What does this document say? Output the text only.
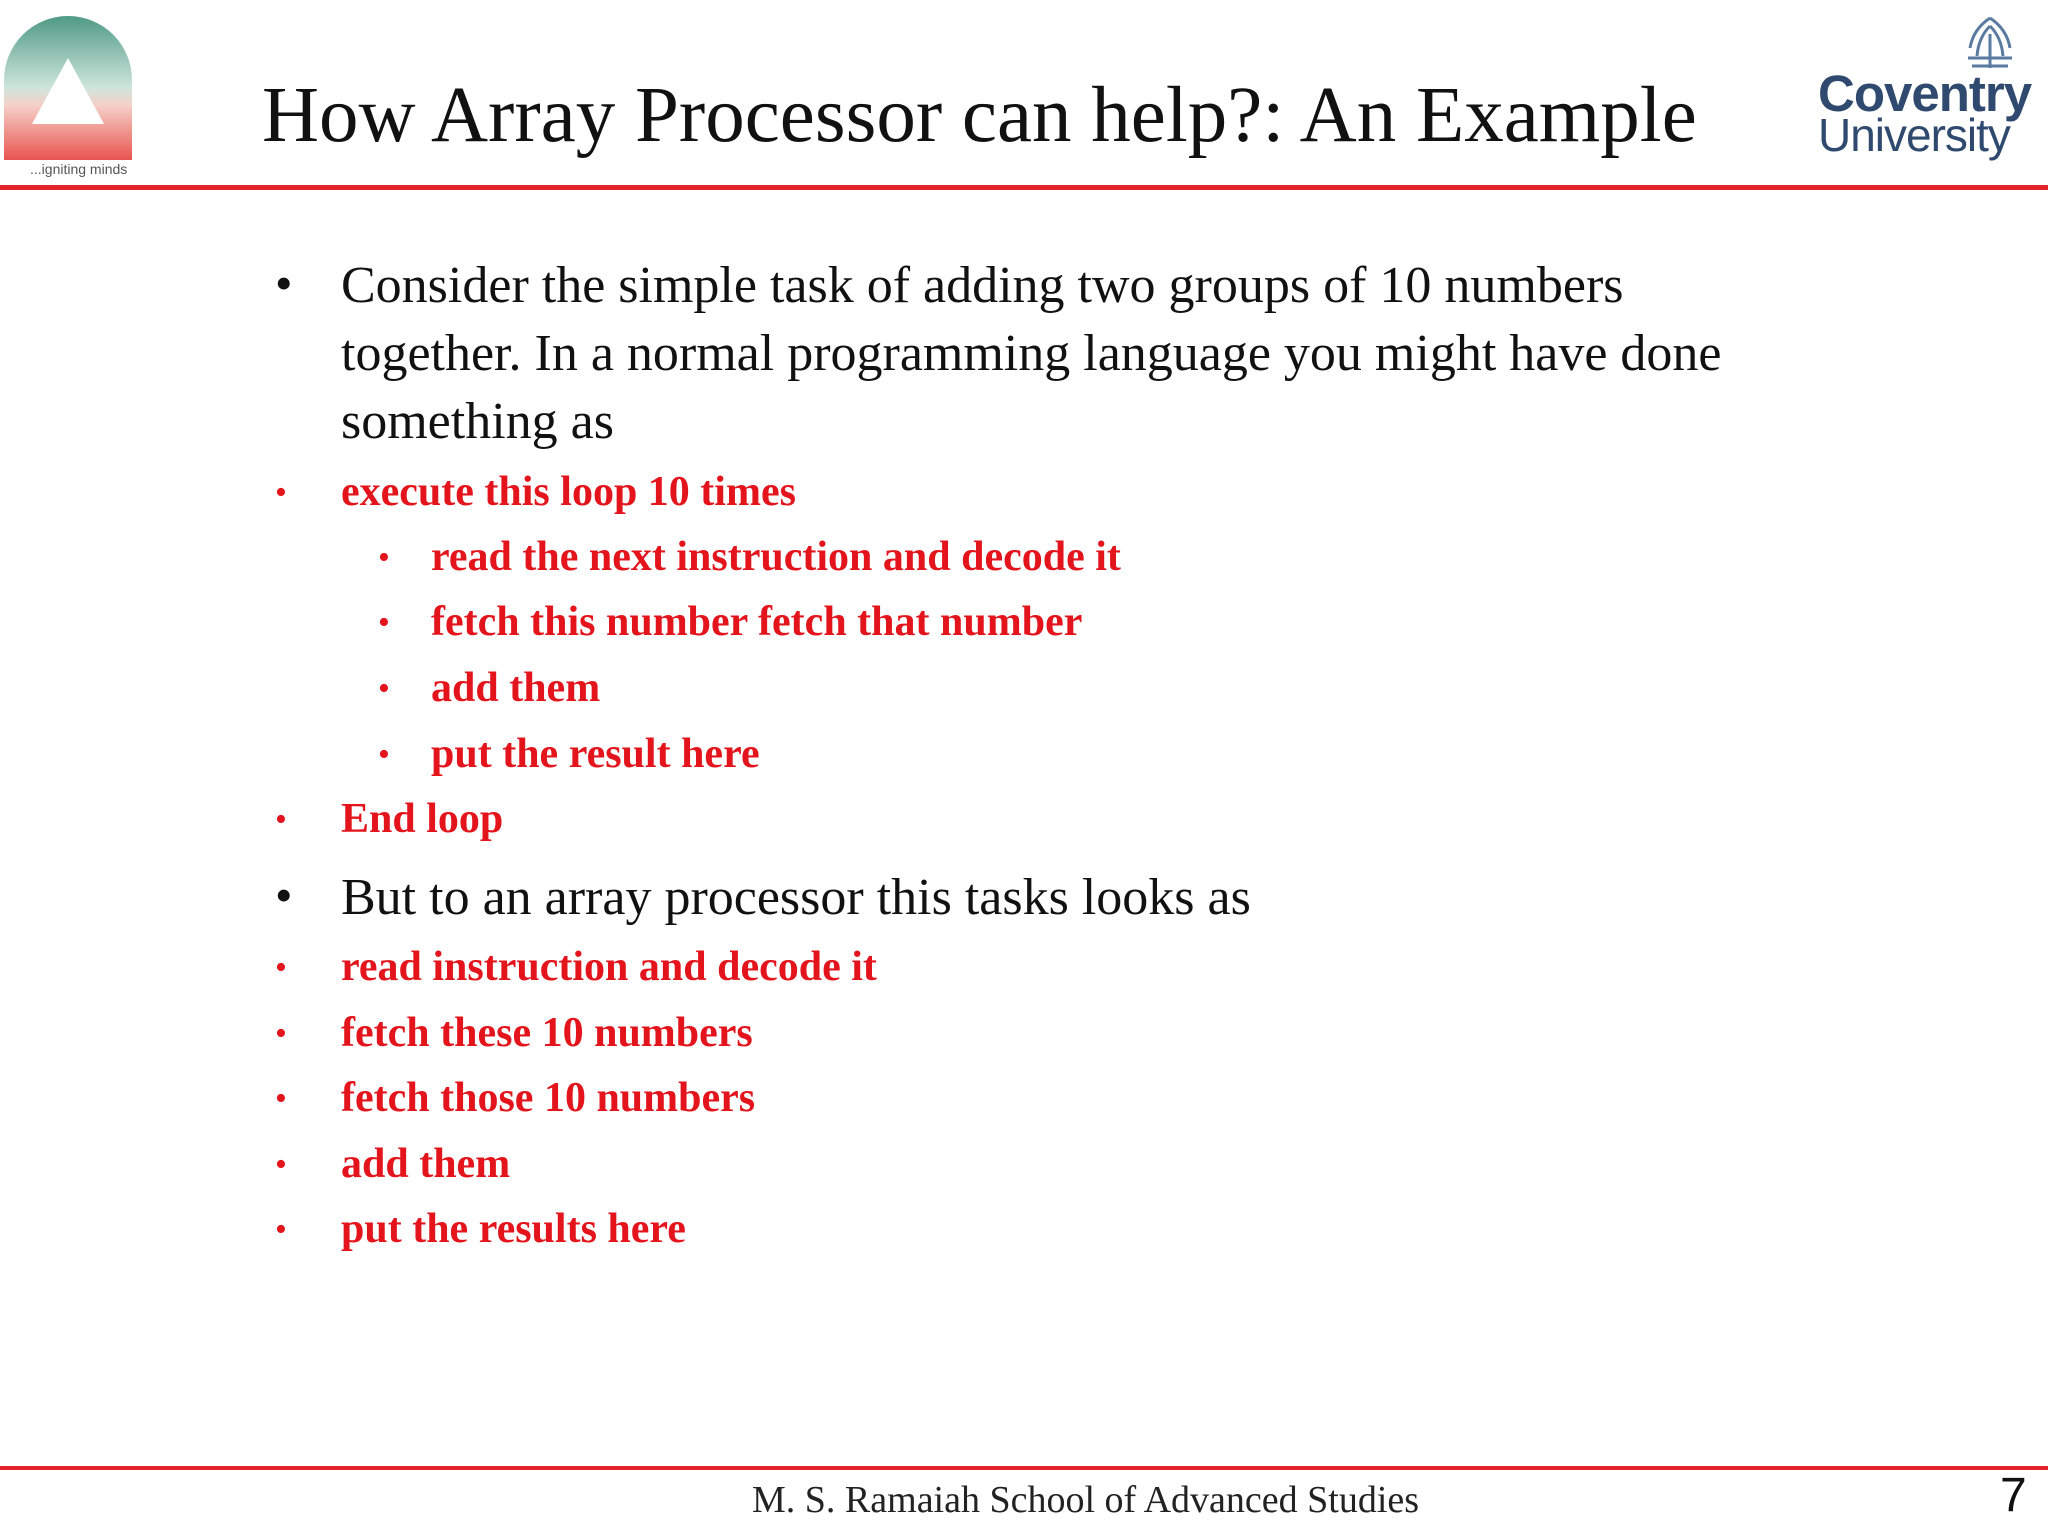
...igniting minds
How Array Processor can help?: An Example Coventry
University
• Consider the simple task of adding two groups of 10 numbers
together. In a normal programming language you might have done
something as
• execute this loop 10 times
• read the next instruction and decode it
• fetch this number fetch that number
• add them
• put the result here
• End loop
• But to an array processor this tasks looks as
• read instruction and decode it
• fetch these 10 numbers
• fetch those 10 numbers
• add them
• put the results here
M. S. Ramaiah School of Advanced Studies	7
